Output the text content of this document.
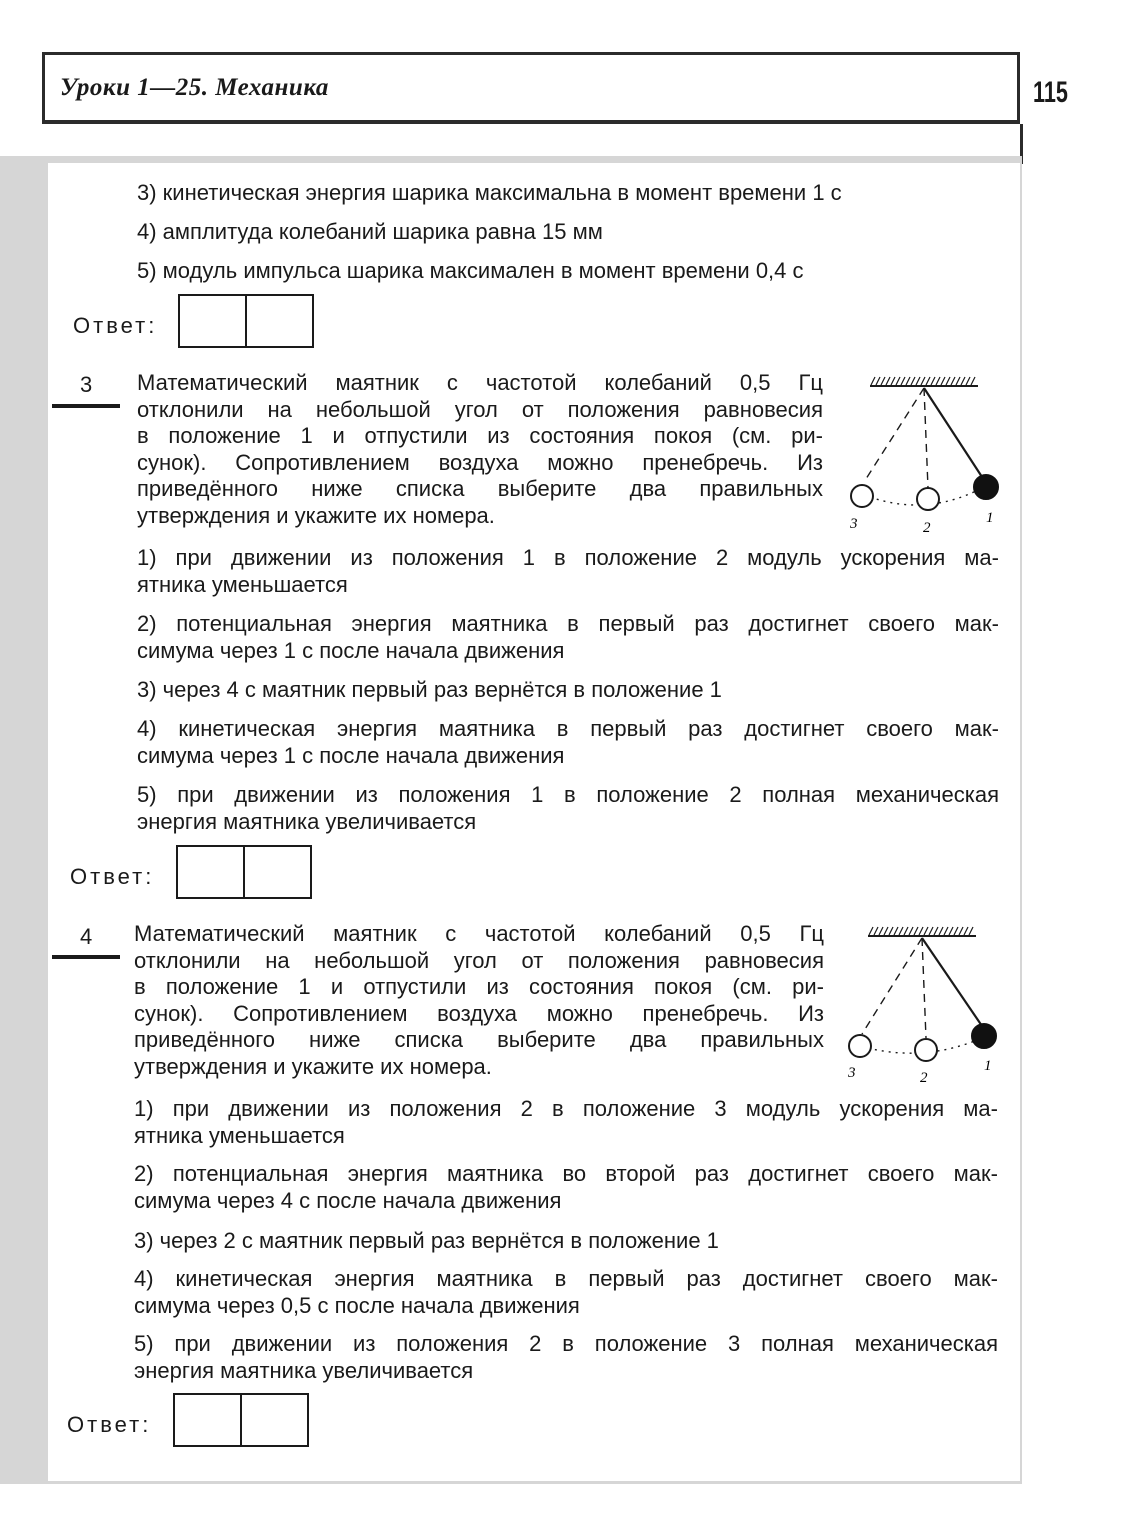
Уроки 1—25. Механика	115
3) кинетическая энергия шарика максимальна в момент времени 1 с
4) амплитуда колебаний шарика равна 15 мм
5) модуль импульса шарика максимален в момент времени 0,4 с
Ответ:
3 Математический маятник с частотой колебаний 0,5 Гц
отклонили на небольшой угол от положения равновесия
в положение 1 и отпустили из состояния покоя (см. ри-
сунок). Сопротивлением воздуха можно пренебречь. Из
приведённого ниже списка выберите два правильных
утверждения и укажите их номера.	3	2
1
1) при движении из положения 1 в положение 2 модуль ускорения ма-
ятника уменьшается
2) потенциальная энергия маятника в первый раз достигнет своего мак-
симума через 1 с после начала движения
3) через 4 с маятник первый раз вернётся в положение 1
4) кинетическая энергия маятника в первый раз достигнет своего мак-
симума через 1 с после начала движения
5) при движении из положения 1 в положение 2 полная механическая
энергия маятника увеличивается
Ответ:
4 Математический маятник с частотой колебаний 0,5 Гц
отклонили на небольшой угол от положения равновесия
в положение 1 и отпустили из состояния покоя (см. ри-
сунок). Сопротивлением воздуха можно пренебречь. Из
приведённого ниже списка выберите два правильных
утверждения и укажите их номера.	3	2
1
1) при движении из положения 2 в положение 3 модуль ускорения ма-
ятника уменьшается
2) потенциальная энергия маятника во второй раз достигнет своего мак-
симума через 4 с после начала движения
3) через 2 с маятник первый раз вернётся в положение 1
4) кинетическая энергия маятника в первый раз достигнет своего мак-
симума через 0,5 с после начала движения
5) при движении из положения 2 в положение 3 полная механическая
энергия маятника увеличивается
Ответ:
